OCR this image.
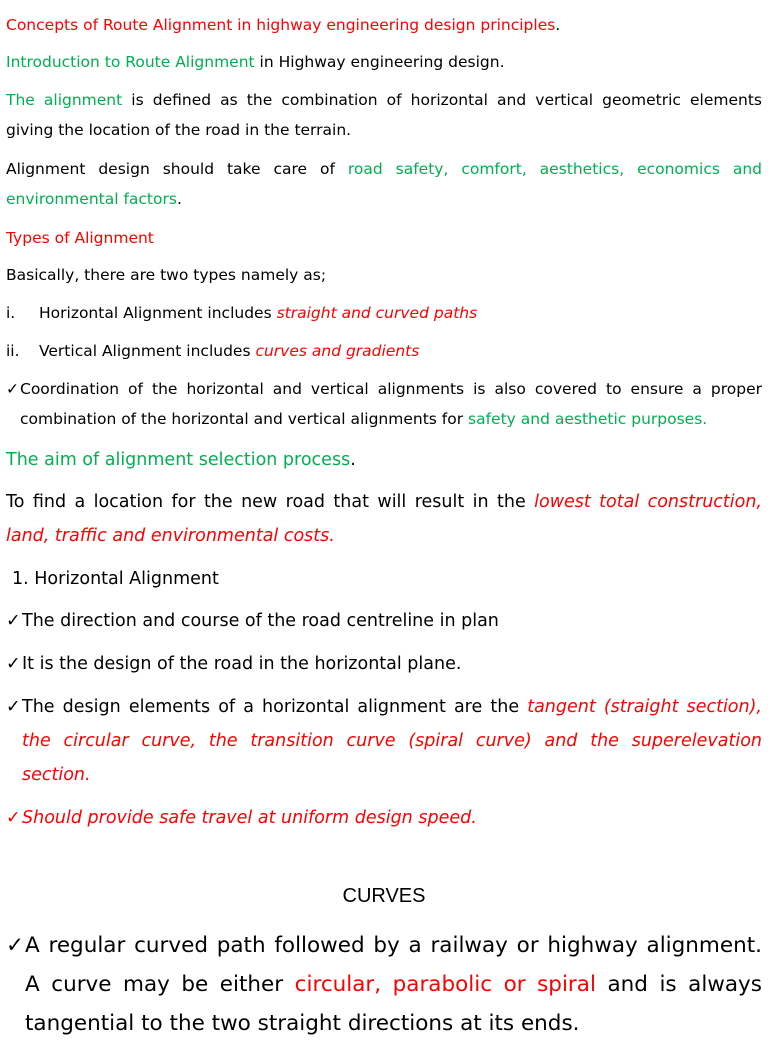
Concepts of Route Alignment in highway engineering design principles.

Introduction to Route Alignment in Highway engineering design.

The alignment is defined as the combination of horizontal and vertical geometric elements giving the location of the road in the terrain.

Alignment design should take care of road safety, comfort, aesthetics, economics and environmental factors.

Types of Alignment

Basically, there are two types namely as;

i. Horizontal Alignment includes straight and curved paths

ii. Vertical Alignment includes curves and gradients

✓ Coordination of the horizontal and vertical alignments is also covered to ensure a proper combination of the horizontal and vertical alignments for safety and aesthetic purposes.

The aim of alignment selection process.

To find a location for the new road that will result in the lowest total construction, land, traffic and environmental costs.

1. Horizontal Alignment

✓ The direction and course of the road centreline in plan

✓ It is the design of the road in the horizontal plane.

✓ The design elements of a horizontal alignment are the tangent (straight section), the circular curve, the transition curve (spiral curve) and the superelevation section.

✓ Should provide safe travel at uniform design speed.

CURVES

✓ A regular curved path followed by a railway or highway alignment. A curve may be either circular, parabolic or spiral and is always tangential to the two straight directions at its ends.
